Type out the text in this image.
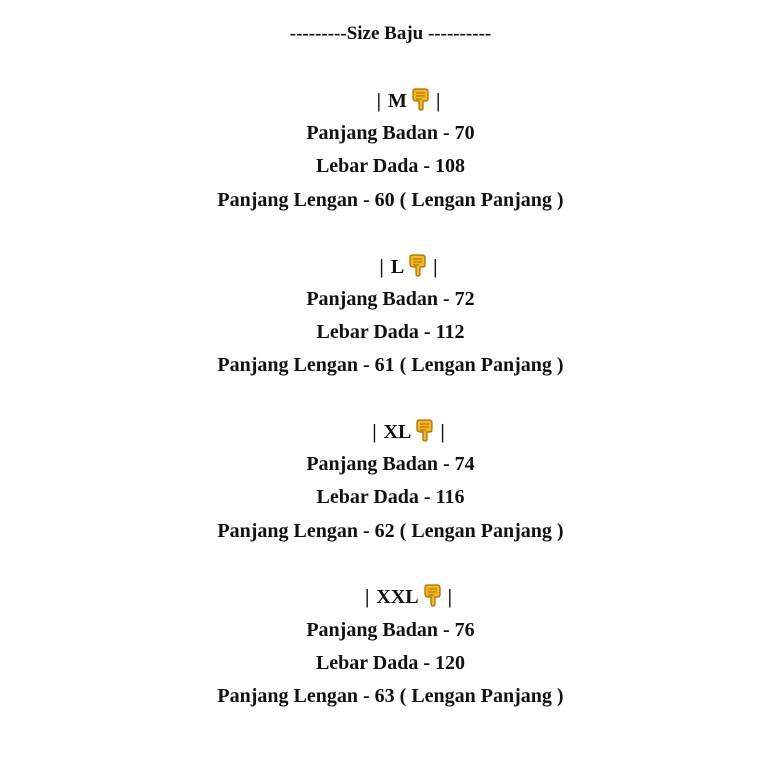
---------Size Baju ----------
| M |
Panjang Badan - 70
Lebar Dada - 108
Panjang Lengan - 60 ( Lengan Panjang )
| L |
Panjang Badan - 72
Lebar Dada - 112
Panjang Lengan - 61 ( Lengan Panjang )
| XL |
Panjang Badan - 74
Lebar Dada - 116
Panjang Lengan - 62 ( Lengan Panjang )
| XXL |
Panjang Badan - 76
Lebar Dada - 120
Panjang Lengan - 63 ( Lengan Panjang )
